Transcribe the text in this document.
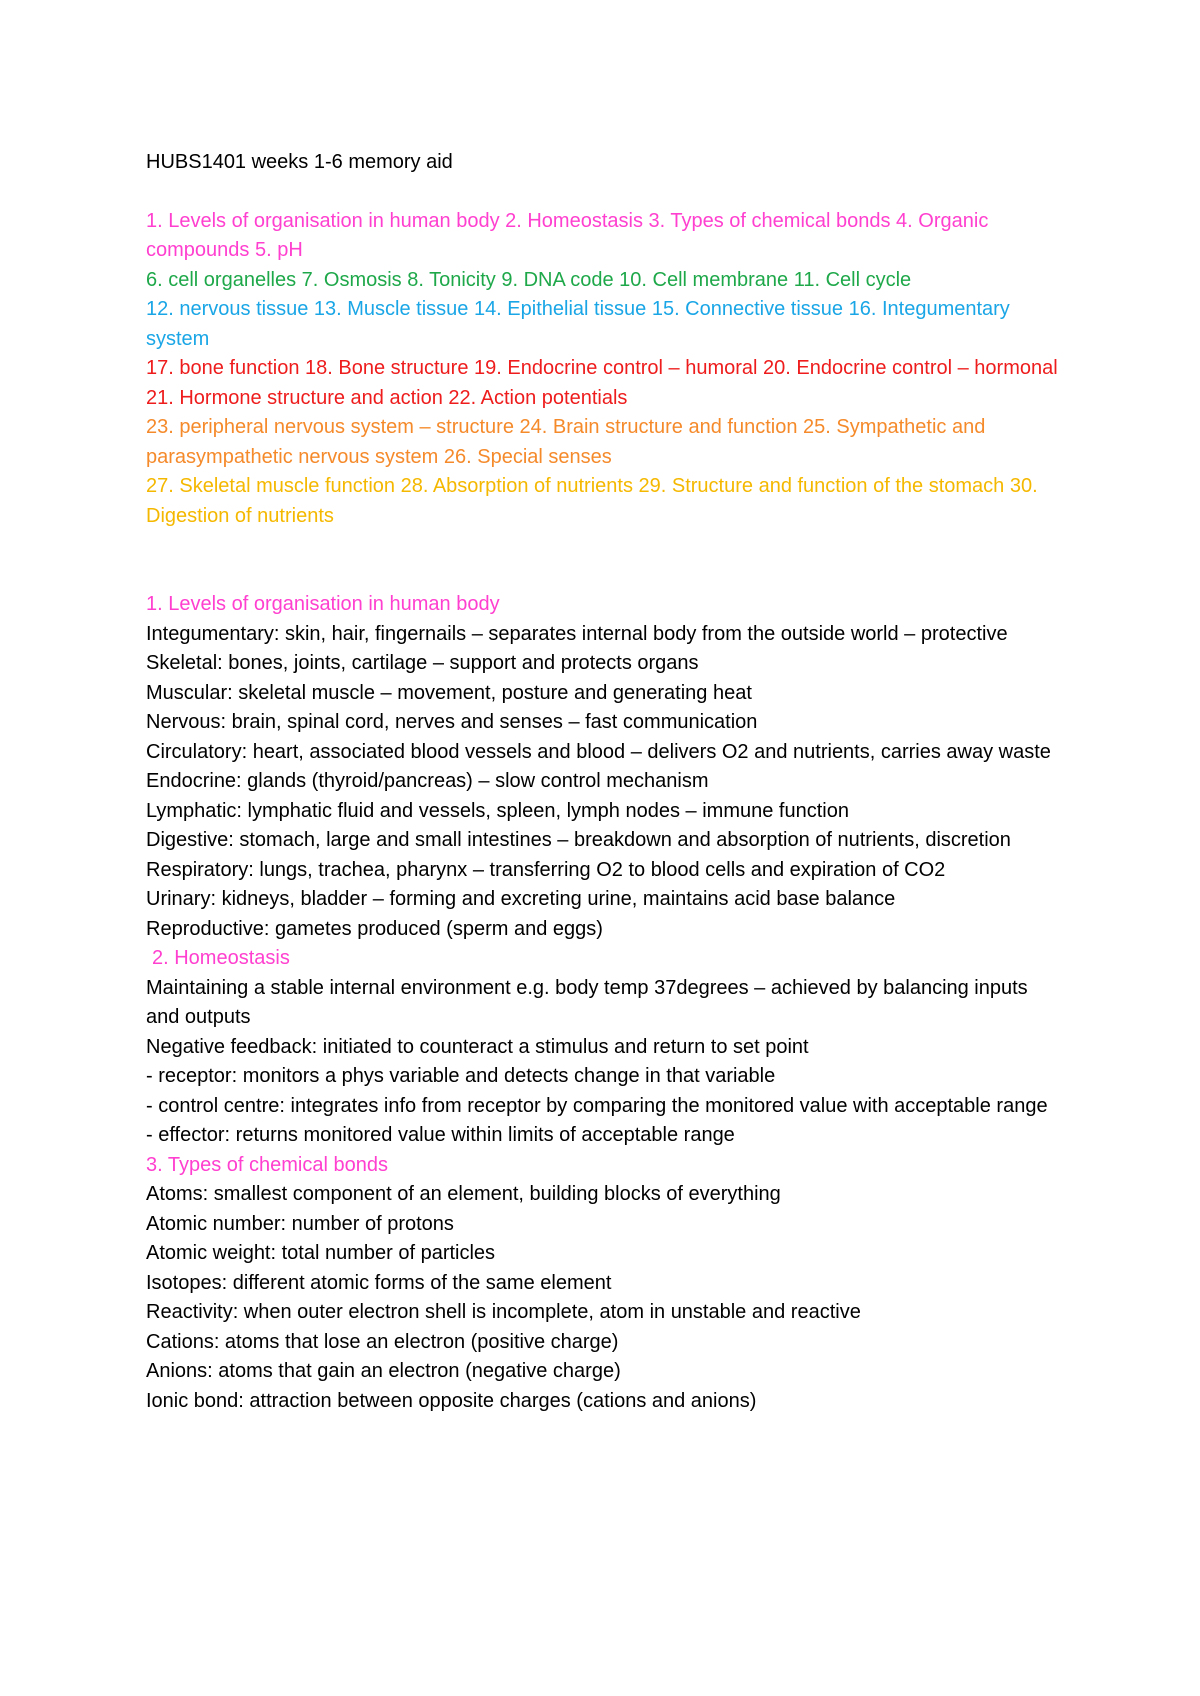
HUBS1401 weeks 1-6 memory aid
1. Levels of organisation in human body 2. Homeostasis 3. Types of chemical bonds 4. Organic compounds 5. pH
6. cell organelles 7. Osmosis 8. Tonicity 9. DNA code 10. Cell membrane 11. Cell cycle
12. nervous tissue 13. Muscle tissue 14. Epithelial tissue 15. Connective tissue 16. Integumentary system
17. bone function 18. Bone structure 19. Endocrine control – humoral 20. Endocrine control – hormonal 21. Hormone structure and action 22. Action potentials
23. peripheral nervous system – structure 24. Brain structure and function 25. Sympathetic and parasympathetic nervous system 26. Special senses
27. Skeletal muscle function 28. Absorption of nutrients 29. Structure and function of the stomach 30. Digestion of nutrients
1. Levels of organisation in human body
Integumentary: skin, hair, fingernails – separates internal body from the outside world – protective
Skeletal: bones, joints, cartilage – support and protects organs
Muscular: skeletal muscle – movement, posture and generating heat
Nervous: brain, spinal cord, nerves and senses – fast communication
Circulatory: heart, associated blood vessels and blood – delivers O2 and nutrients, carries away waste
Endocrine: glands (thyroid/pancreas) – slow control mechanism
Lymphatic: lymphatic fluid and vessels, spleen, lymph nodes – immune function
Digestive: stomach, large and small intestines – breakdown and absorption of nutrients, discretion
Respiratory: lungs, trachea, pharynx – transferring O2 to blood cells and expiration of CO2
Urinary: kidneys, bladder – forming and excreting urine, maintains acid base balance
Reproductive: gametes produced (sperm and eggs)
2. Homeostasis
Maintaining a stable internal environment e.g. body temp 37degrees – achieved by balancing inputs and outputs
Negative feedback: initiated to counteract a stimulus and return to set point
- receptor: monitors a phys variable and detects change in that variable
- control centre: integrates info from receptor by comparing the monitored value with acceptable range
- effector: returns monitored value within limits of acceptable range
3. Types of chemical bonds
Atoms: smallest component of an element, building blocks of everything
Atomic number: number of protons
Atomic weight: total number of particles
Isotopes: different atomic forms of the same element
Reactivity: when outer electron shell is incomplete, atom in unstable and reactive
Cations: atoms that lose an electron (positive charge)
Anions: atoms that gain an electron (negative charge)
Ionic bond: attraction between opposite charges (cations and anions)
